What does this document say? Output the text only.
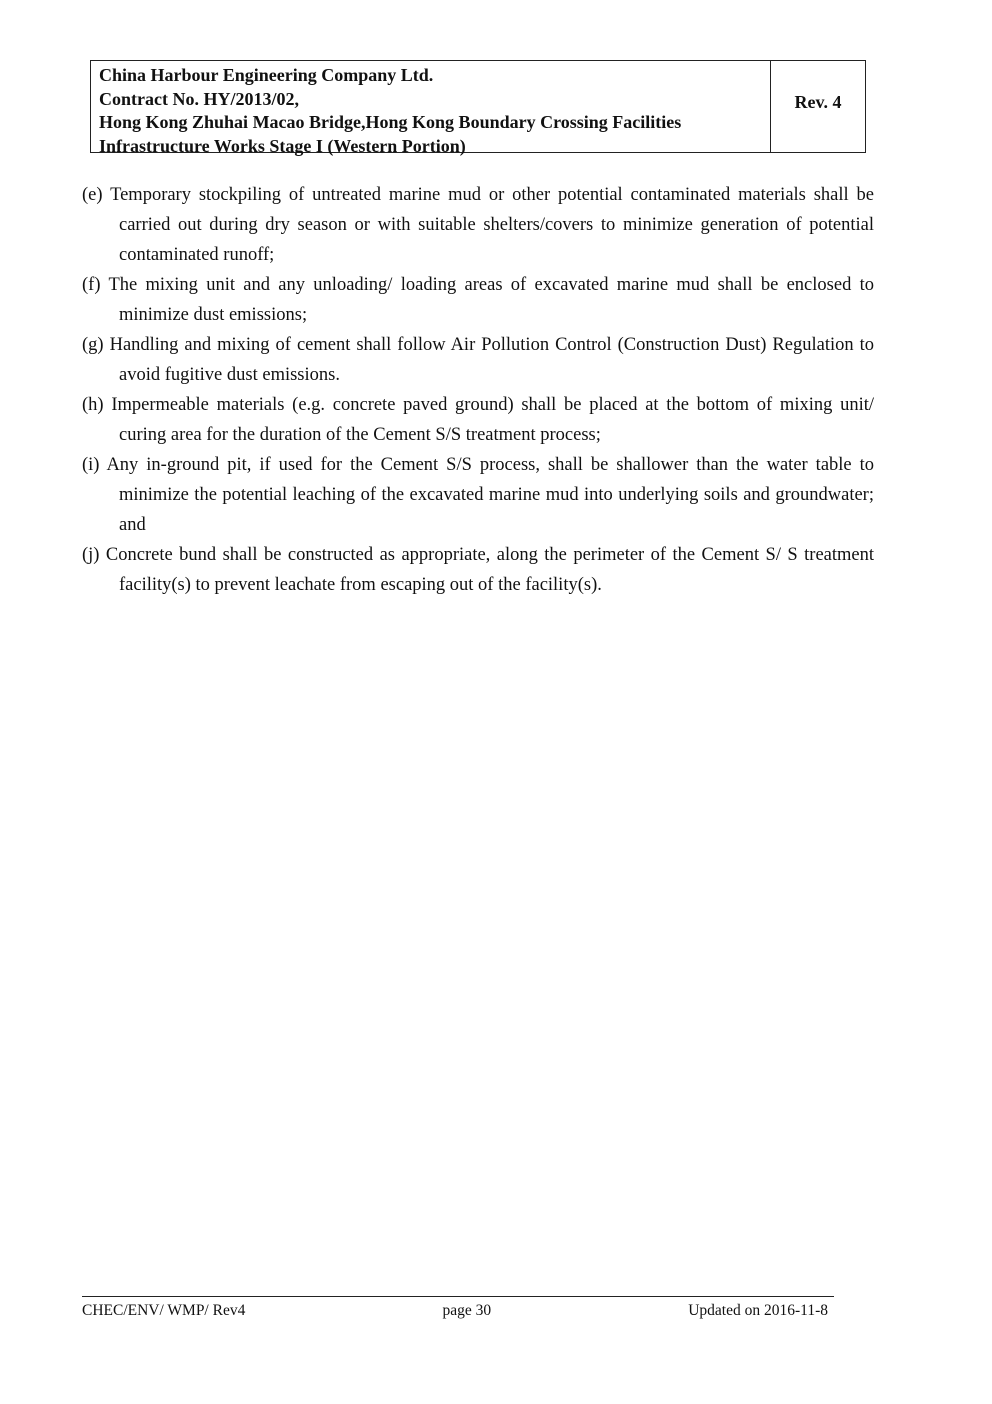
China Harbour Engineering Company Ltd.
Contract No. HY/2013/02,
Hong Kong Zhuhai Macao Bridge,Hong Kong Boundary Crossing Facilities
Infrastructure Works Stage I (Western Portion)
Rev. 4

(e) Temporary stockpiling of untreated marine mud or other potential contaminated materials shall be carried out during dry season or with suitable shelters/covers to minimize generation of potential contaminated runoff;

(f) The mixing unit and any unloading/ loading areas of excavated marine mud shall be enclosed to minimize dust emissions;

(g) Handling and mixing of cement shall follow Air Pollution Control (Construction Dust) Regulation to avoid fugitive dust emissions.

(h) Impermeable materials (e.g. concrete paved ground) shall be placed at the bottom of mixing unit/ curing area for the duration of the Cement S/S treatment process;

(i) Any in-ground pit, if used for the Cement S/S process, shall be shallower than the water table to minimize the potential leaching of the excavated marine mud into underlying soils and groundwater; and

(j) Concrete bund shall be constructed as appropriate, along the perimeter of the Cement S/ S treatment facility(s) to prevent leachate from escaping out of the facility(s).

CHEC/ENV/ WMP/ Rev4	page 30	Updated on 2016-11-8
